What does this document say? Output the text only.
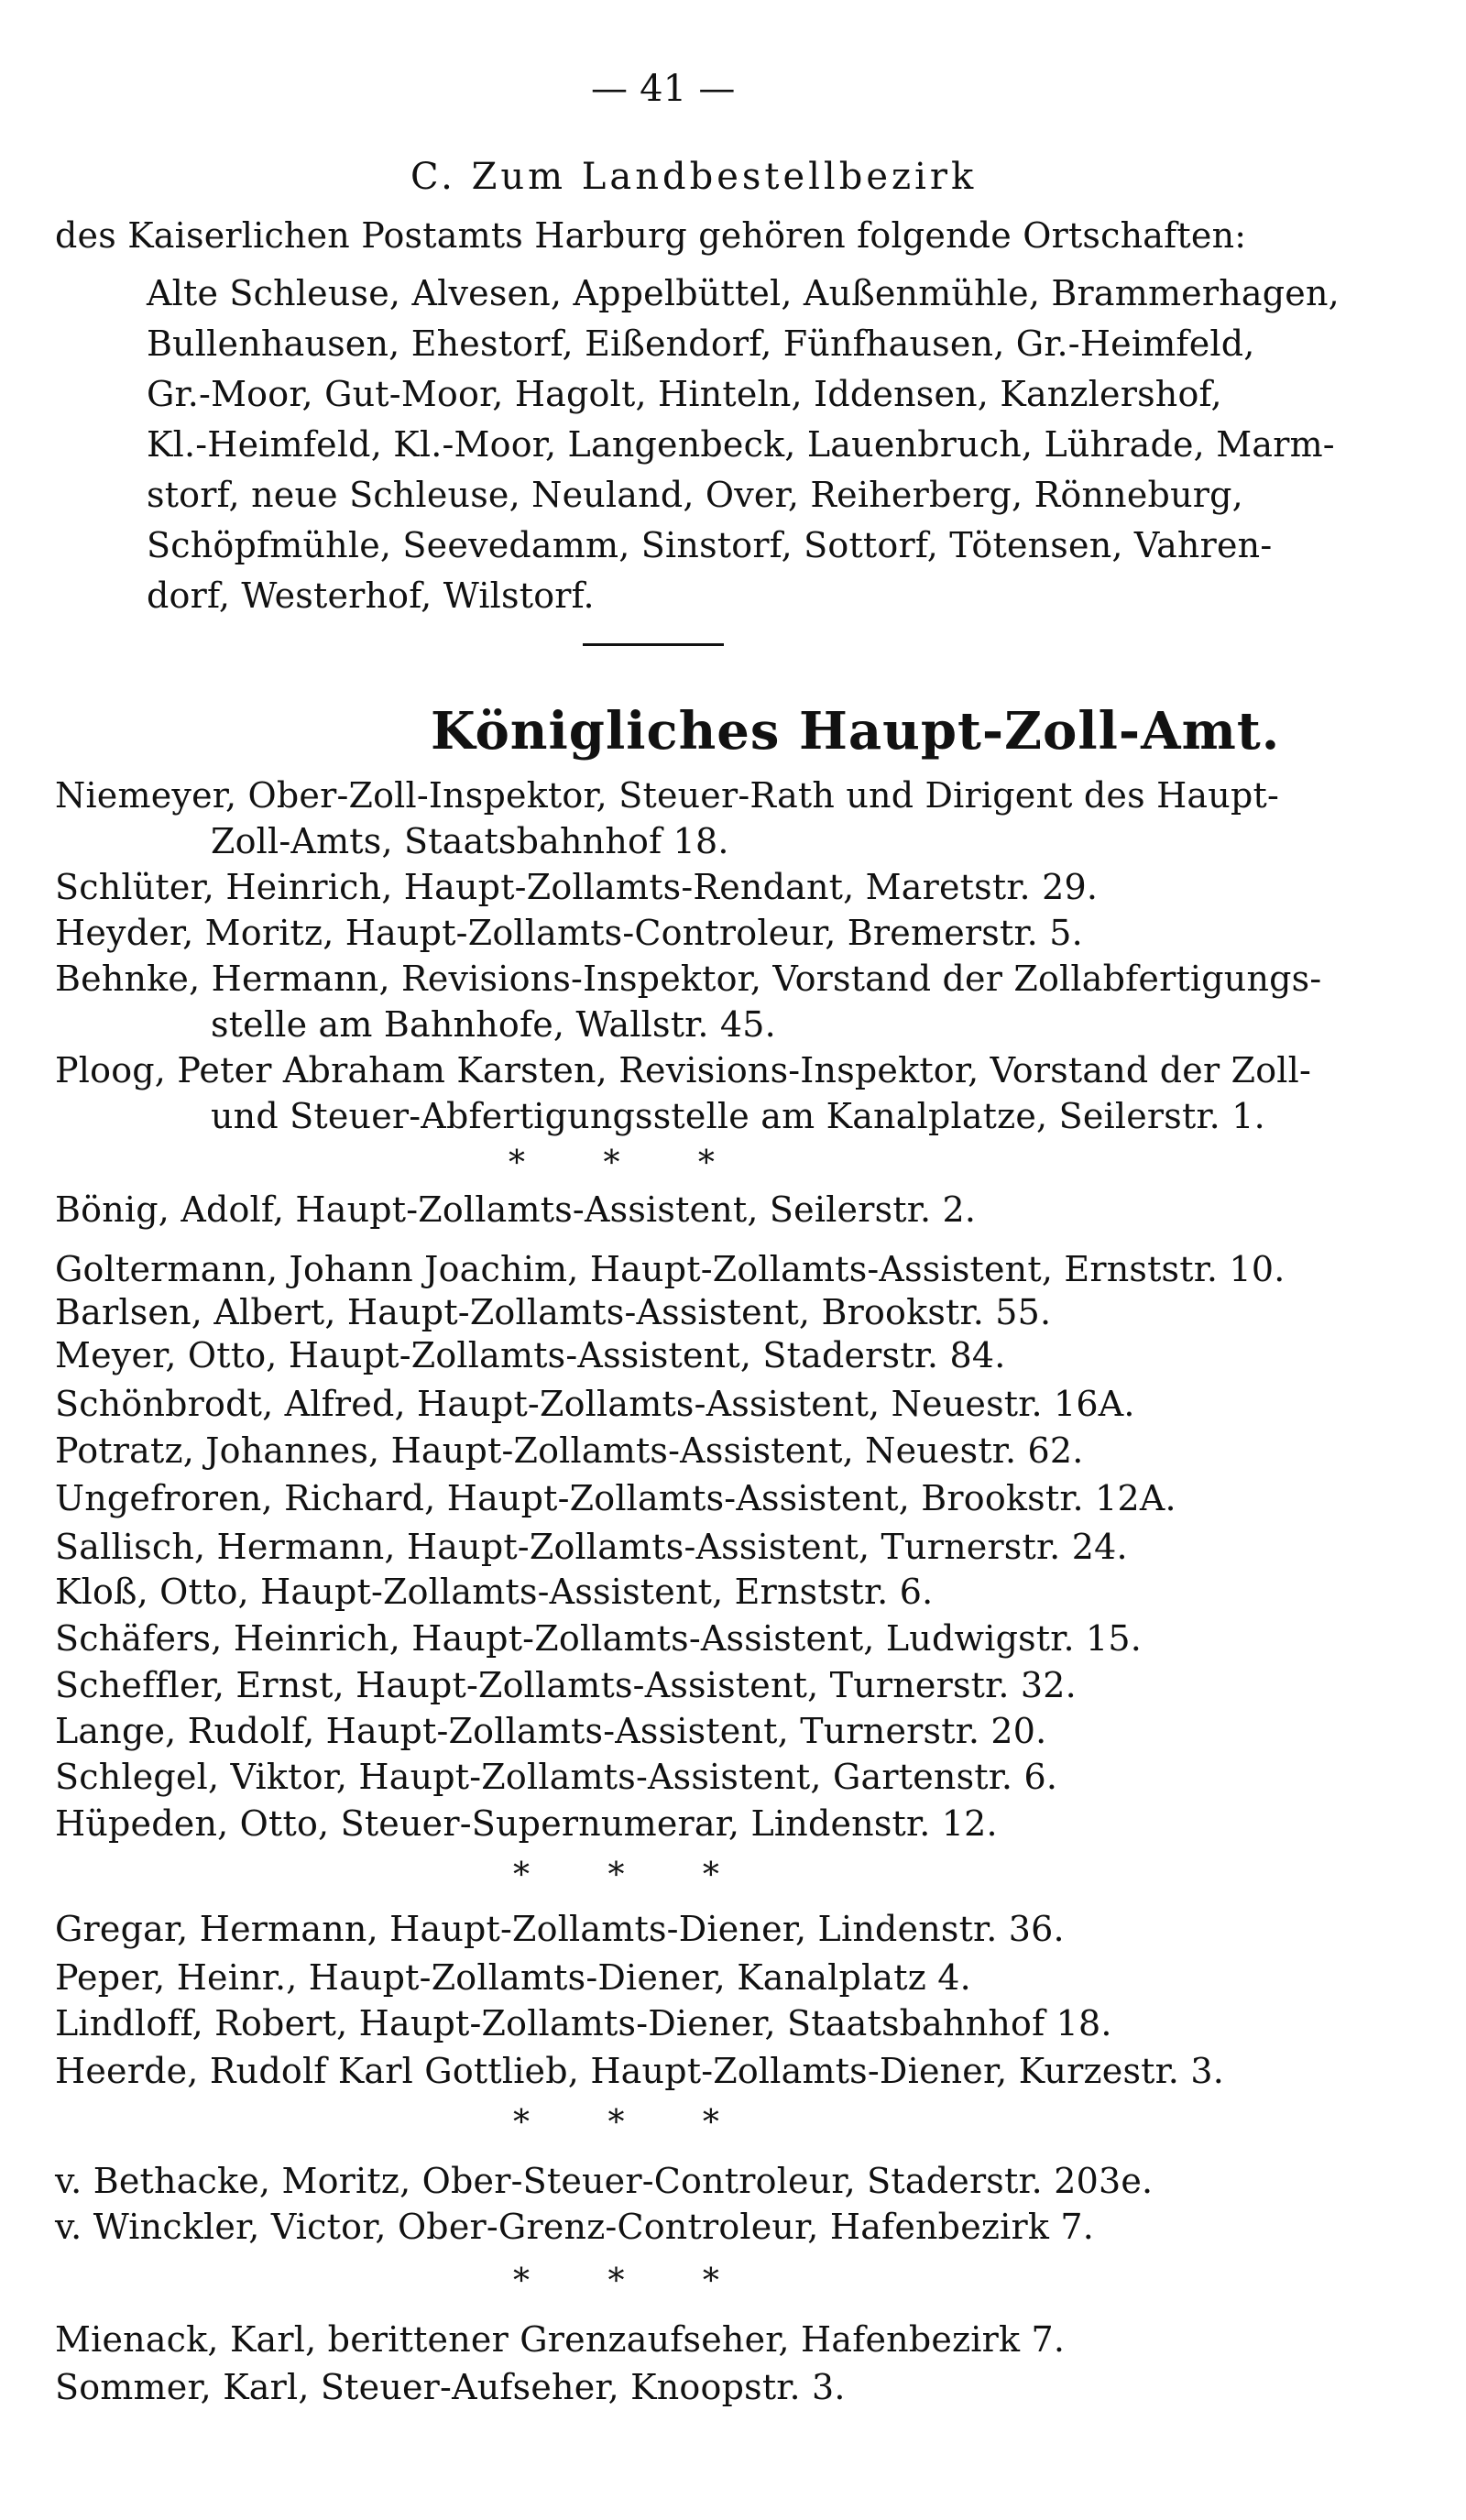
— 41 —
C. Zum Landbestellbezirk
des Kaiserlichen Postamts Harburg gehören folgende Ortschaften:
Alte Schleuse, Alvesen, Appelbüttel, Außenmühle, Brammerhagen,
Bullenhausen, Ehestorf, Eißendorf, Fünfhausen, Gr.-Heimfeld,
Gr.-Moor, Gut-Moor, Hagolt, Hinteln, Iddensen, Kanzlershof,
Kl.-Heimfeld, Kl.-Moor, Langenbeck, Lauenbruch, Lührade, Marm-
storf, neue Schleuse, Neuland, Over, Reiherberg, Rönneburg,
Schöpfmühle, Seevedamm, Sinstorf, Sottorf, Tötensen, Vahren-
dorf, Westerhof, Wilstorf.
Königliches Haupt-Zoll-Amt.
Niemeyer, Ober-Zoll-Inspektor, Steuer-Rath und Dirigent des Haupt-
Zoll-Amts, Staatsbahnhof 18.
Schlüter, Heinrich, Haupt-Zollamts-Rendant, Maretstr. 29.
Heyder, Moritz, Haupt-Zollamts-Controleur, Bremerstr. 5.
Behnke, Hermann, Revisions-Inspektor, Vorstand der Zollabfertigungs-
stelle am Bahnhofe, Wallstr. 45.
Ploog, Peter Abraham Karsten, Revisions-Inspektor, Vorstand der Zoll-
und Steuer-Abfertigungsstelle am Kanalplatze, Seilerstr. 1.
* * *
Bönig, Adolf, Haupt-Zollamts-Assistent, Seilerstr. 2.
Goltermann, Johann Joachim, Haupt-Zollamts-Assistent, Ernststr. 10.
Barlsen, Albert, Haupt-Zollamts-Assistent, Brookstr. 55.
Meyer, Otto, Haupt-Zollamts-Assistent, Staderstr. 84.
Schönbrodt, Alfred, Haupt-Zollamts-Assistent, Neuestr. 16A.
Potratz, Johannes, Haupt-Zollamts-Assistent, Neuestr. 62.
Ungefroren, Richard, Haupt-Zollamts-Assistent, Brookstr. 12A.
Sallisch, Hermann, Haupt-Zollamts-Assistent, Turnerstr. 24.
Kloß, Otto, Haupt-Zollamts-Assistent, Ernststr. 6.
Schäfers, Heinrich, Haupt-Zollamts-Assistent, Ludwigstr. 15.
Scheffler, Ernst, Haupt-Zollamts-Assistent, Turnerstr. 32.
Lange, Rudolf, Haupt-Zollamts-Assistent, Turnerstr. 20.
Schlegel, Viktor, Haupt-Zollamts-Assistent, Gartenstr. 6.
Hüpeden, Otto, Steuer-Supernumerar, Lindenstr. 12.
* * *
Gregar, Hermann, Haupt-Zollamts-Diener, Lindenstr. 36.
Peper, Heinr., Haupt-Zollamts-Diener, Kanalplatz 4.
Lindloff, Robert, Haupt-Zollamts-Diener, Staatsbahnhof 18.
Heerde, Rudolf Karl Gottlieb, Haupt-Zollamts-Diener, Kurzestr. 3.
* * *
v. Bethacke, Moritz, Ober-Steuer-Controleur, Staderstr. 203e.
v. Winckler, Victor, Ober-Grenz-Controleur, Hafenbezirk 7.
* * *
Mienack, Karl, berittener Grenzaufseher, Hafenbezirk 7.
Sommer, Karl, Steuer-Aufseher, Knoopstr. 3.
